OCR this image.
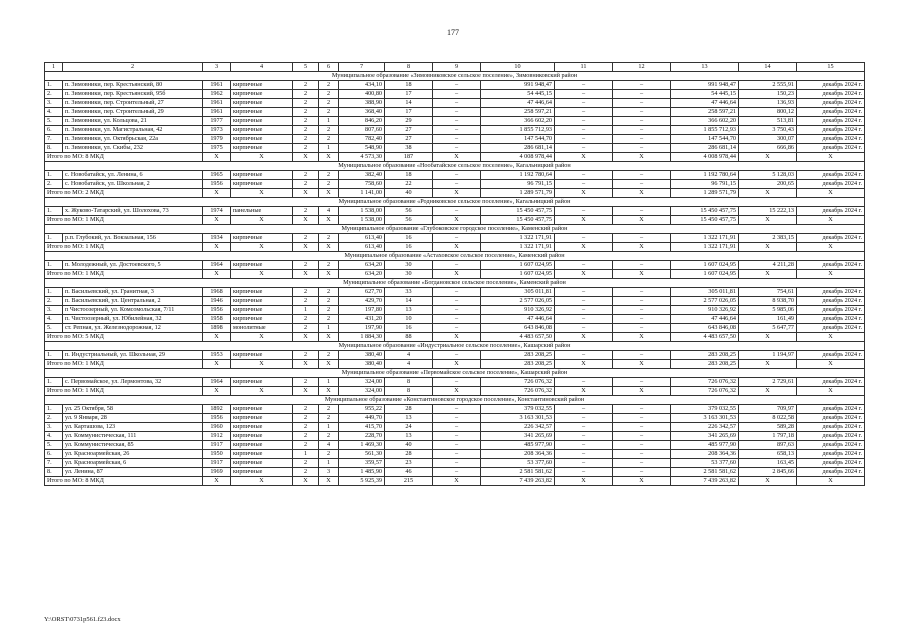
177
1	2	3	4	5	6	7	8	9	10	11	12	13	14	15
Муниципальное образование «Зимовниковское сельское поселение», Зимовниковский район														
1.	п. Зимовники, пер. Крестьянский, 80	1961	кирпичные	2	2	434,10	18	–	991 948,47	–	–	991 948,47	2 555,91	декабрь 2024 г.
2.	п. Зимовники, пер. Крестьянский, 95б	1962	кирпичные	2	2	400,80	17	–	54 445,15	–	–	54 445,15	150,23	декабрь 2024 г.
3.	п. Зимовники, пер. Строительный, 27	1961	кирпичные	2	2	388,90	14	–	47 446,64	–	–	47 446,64	136,93	декабрь 2024 г.
4.	п. Зимовники, пер. Строительный, 29	1961	кирпичные	2	2	368,40	17	–	258 597,21	–	–	258 597,21	800,12	декабрь 2024 г.
5.	п. Зимовники, ул. Кольцова, 21	1977	кирпичные	2	1	846,20	29	–	366 602,20	–	–	366 602,20	513,81	декабрь 2024 г.
6.	п. Зимовники, ул. Магистральная, 42	1973	кирпичные	2	2	807,60	27	–	1 855 712,93	–	–	1 855 712,93	3 750,43	декабрь 2024 г.
7.	п. Зимовники, ул. Октябрьская, 22а	1979	кирпичные	2	2	782,40	27	–	147 544,70	–	–	147 544,70	300,07	декабрь 2024 г.
8.	п. Зимовники, ул. Скибы, 232	1975	кирпичные	2	1	548,90	38	–	286 681,14	–	–	286 681,14	666,86	декабрь 2024 г.
Итого по МО: 8 МКД		X	X	X	X	4 573,30	187	X	4 008 978,44	X	X	4 008 978,44	X	X
Муниципальное образование «Нообатайское сельское поселение», Кагальницкий район														
1.	с. Новобатайск, ул. Ленина, 6	1965	кирпичные	2	2	382,40	18	–	1 192 780,64	–	–	1 192 780,64	5 128,03	декабрь 2024 г.
2.	с. Новобатайск, ул. Школьная, 2	1956	кирпичные	2	2	758,60	22	–	96 791,15	–	–	96 791,15	200,65	декабрь 2024 г.
Итого по МО: 2 МКД		X	X	X	X	1 141,00	40	X	1 289 571,79	X	X	1 289 571,79	X	X
Муниципальное образование «Родниковское сельское поселение», Кагальницкий район														
1.	х. Жуково-Татарский, ул. Шолохова, 73	1974	панельные	2	4	1 538,00	56	–	15 450 457,75	–	–	15 450 457,75	15 222,13	декабрь 2024 г.
Итого по МО: 1 МКД		X	X	X	X	1 538,00	56	X	15 450 457,75	X	X	15 450 457,75	X	X
Муниципальное образование «Глубоковское городское поселение», Каменский район														
1.	р.п. Глубокий, ул. Вокзальная, 156	1934	кирпичные	2	2	613,40	16	–	1 322 171,91	–	–	1 322 171,91	2 383,15	декабрь 2024 г.
Итого по МО: 1 МКД		X	X	X	X	613,40	16	X	1 322 171,91	X	X	1 322 171,91	X	X
Муниципальное образование «Астаховское сельское поселение», Каменский район														
1.	п. Молодежный, ул. Достоевского, 5	1964	кирпичные	2	2	634,20	30	–	1 607 024,95	–	–	1 607 024,95	4 211,28	декабрь 2024 г.
Итого по МО: 1 МКД		X	X	X	X	634,20	30	X	1 607 024,95	X	X	1 607 024,95	X	X
Муниципальное образование «Богдановское сельское поселение», Каменский район														
1.	п. Васильевский, ул. Гранитная, 3	1968	кирпичные	2	2	627,70	33	–	305 011,81	–	–	305 011,81	754,61	декабрь 2024 г.
2.	п. Васильевский, ул. Центральная, 2	1946	кирпичные	2	2	429,70	14	–	2 577 026,05	–	–	2 577 026,05	8 938,70	декабрь 2024 г.
3.	п Чистоозерный, ул. Комсомольская, 7/11	1956	кирпичные	1	2	197,80	13	–	910 326,92	–	–	910 326,92	5 985,06	декабрь 2024 г.
4.	п. Чистоозерный, ул. Юбилейная, 32	1958	кирпичные	2	2	431,20	10	–	47 446,64	–	–	47 446,64	161,49	декабрь 2024 г.
5.	ст. Репная, ул. Железнодорожная, 12	1898	монолитные	2	1	197,90	16	–	643 846,08	–	–	643 846,08	5 647,77	декабрь 2024 г.
Итого по МО: 5 МКД		X	X	X	X	1 884,30	88	X	4 483 657,50	X	X	4 483 657,50	X	X
Муниципальное образование «Индустриальное сельское поселение», Кашарский район														
1.	п. Индустриальный, ул. Школьная, 29	1953	кирпичные	2	2	380,40	4	–	283 208,25	–	–	283 208,25	1 194,97	декабрь 2024 г.
Итого по МО: 1 МКД		X	X	X	X	380,40	4	X	283 208,25	X	X	283 208,25	X	X
Муниципальное образование «Первомайское сельское поселение», Кашарский район														
1.	с. Первомайское, ул. Лермонтова, 32	1964	кирпичные	2	1	324,00	8	–	726 076,32	–	–	726 076,32	2 729,61	декабрь 2024 г.
Итого по МО: 1 МКД		X	X	X	X	324,00	8	X	726 076,32	X	X	726 076,32	X	X
Муниципальное образование «Константиновское городское поселение», Константиновский район														
1.	ул. 25 Октября, 58	1892	кирпичные	2	2	955,22	28	–	379 032,55	–	–	379 032,55	709,97	декабрь 2024 г.
2.	ул. 9 Января, 28	1956	кирпичные	2	2	449,70	13	–	3 163 301,53	–	–	3 163 301,53	8 022,58	декабрь 2024 г.
3.	ул. Карташова, 123	1960	кирпичные	2	1	415,70	24	–	226 342,57	–	–	226 342,57	589,28	декабрь 2024 г.
4.	ул. Коммунистическая, 111	1912	кирпичные	2	2	228,70	13	–	341 265,69	–	–	341 265,69	1 797,18	декабрь 2024 г.
5.	ул. Коммунистическая, 85	1917	кирпичные	2	4	1 469,30	40	–	485 977,90	–	–	485 977,90	897,63	декабрь 2024 г.
6.	ул. Красноармейская, 26	1950	кирпичные	1	2	561,30	28	–	208 364,36	–	–	208 364,36	658,13	декабрь 2024 г.
7.	ул. Красноармейская, 6	1917	кирпичные	2	1	359,57	23	–	53 377,60	–	–	53 377,60	163,45	декабрь 2024 г.
8.	ул. Ленина, 87	1969	кирпичные	2	3	1 485,90	46	–	2 581 581,62	–	–	2 581 581,62	2 845,66	декабрь 2024 г.
Итого по МО: 8 МКД		X	X	X	X	5 925,39	215	X	7 439 263,82	X	X	7 439 263,82	X	X
Y:\ORST\0731p561.f23.docx
